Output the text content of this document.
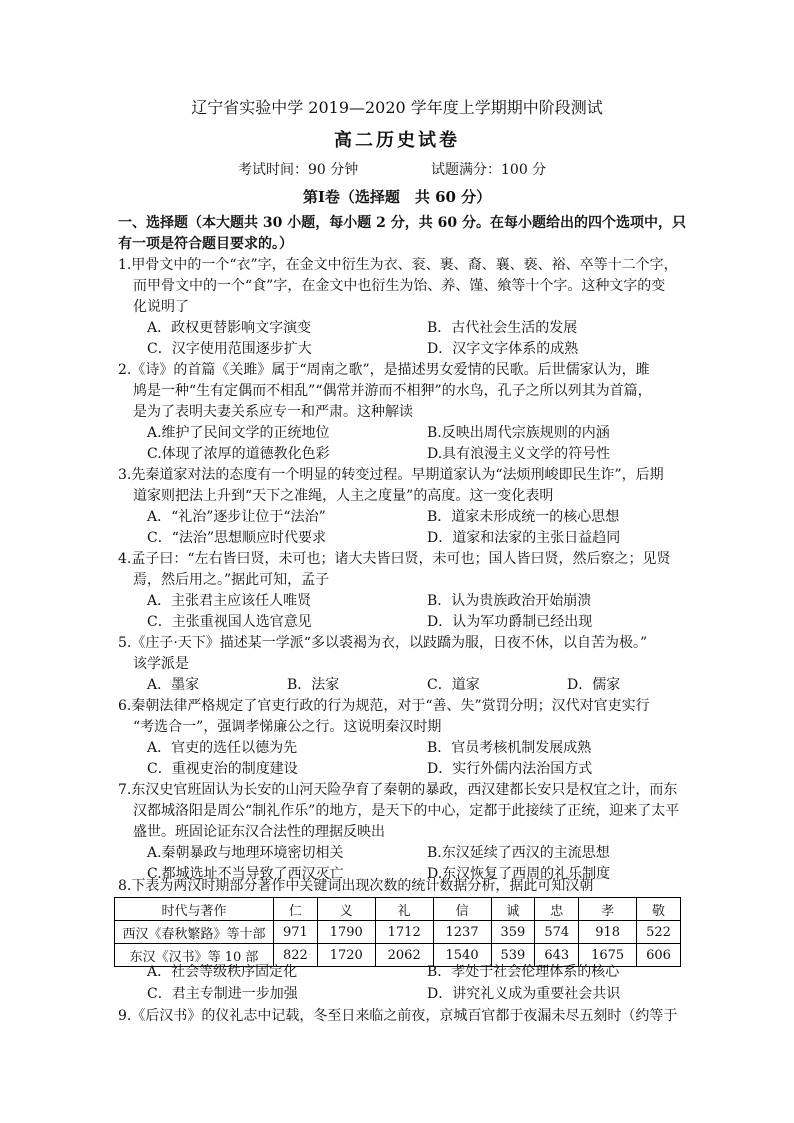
辽宁省实验中学 2019—2020 学年度上学期期中阶段测试
高二历史试卷
考试时间：90 分钟	试题满分：100 分
第Ⅰ卷（选择题　共 60 分）
一、选择题（本大题共 30 小题，每小题 2 分，共 60 分。在每小题给出的四个选项中，只
有一项是符合题目要求的。）
1.甲骨文中的一个“衣”字，在金文中衍生为衣、衮、裹、裔、襄、亵、裕、卒等十二个字，
而甲骨文中的一个“食”字，在金文中也衍生为饴、养、馑、飨等十个字。这种文字的变
化说明了
A．政权更替影响文字演变	B．古代社会生活的发展
C．汉字使用范围逐步扩大	D．汉字文字体系的成熟
2.《诗》的首篇《关雎》属于“周南之歌”，是描述男女爱情的民歌。后世儒家认为，雎
鸠是一种“生有定偶而不相乱”“偶常并游而不相狎”的水鸟，孔子之所以列其为首篇，
是为了表明夫妻关系应专一和严肃。这种解读
A.维护了民间文学的正统地位	B.反映出周代宗族规则的内涵
C.体现了浓厚的道德教化色彩	D.具有浪漫主义文学的符号性
3.先秦道家对法的态度有一个明显的转变过程。早期道家认为“法烦刑峻即民生诈”，后期
道家则把法上升到“天下之准绳，人主之度量”的高度。这一变化表明
A．“礼治”逐步让位于“法治”	B．道家未形成统一的核心思想
C．“法治”思想顺应时代要求	D．道家和法家的主张日益趋同
4.孟子曰：“左右皆曰贤，未可也；诸大夫皆曰贤，未可也；国人皆曰贤，然后察之；见贤
焉，然后用之。”据此可知，孟子
A．主张君主应该任人唯贤	B．认为贵族政治开始崩溃
C．主张重视国人选官意见	D．认为军功爵制已经出现
5.《庄子·天下》描述某一学派“多以裘褐为衣，以跂蹻为服，日夜不休，以自苦为极。”
该学派是
A．墨家	B．法家	C．道家	D．儒家
6.秦朝法律严格规定了官吏行政的行为规范，对于“善、失”赏罚分明；汉代对官吏实行
“考选合一”，强调孝悌廉公之行。这说明秦汉时期
A．官吏的选任以德为先	B．官员考核机制发展成熟
C．重视吏治的制度建设	D．实行外儒内法治国方式
7.东汉史官班固认为长安的山河天险孕育了秦朝的暴政，西汉建都长安只是权宜之计，而东
汉都城洛阳是周公“制礼作乐”的地方，是天下的中心，定都于此接续了正统，迎来了太平
盛世。班固论证东汉合法性的理据反映出
A.秦朝暴政与地理环境密切相关	B.东汉延续了西汉的主流思想
C.都城选址不当导致了西汉灭亡	D.东汉恢复了西周的礼乐制度
8.下表为两汉时期部分著作中关键词出现次数的统计数据分析，据此可知汉朝
时代与著作	仁	义	礼	信	诚	忠	孝	敬
西汉《春秋繁路》等十部	971	1790	1712	1237	359	574	918	522
东汉《汉书》等 10 部	822	1720	2062	1540	539	643	1675	606
A．社会等级秩序固定化	B．孝处于社会伦理体系的核心
C．君主专制进一步加强	D．讲究礼义成为重要社会共识
9.《后汉书》的仪礼志中记载，冬至日来临之前夜，京城百官都于夜漏未尽五刻时（约等于
